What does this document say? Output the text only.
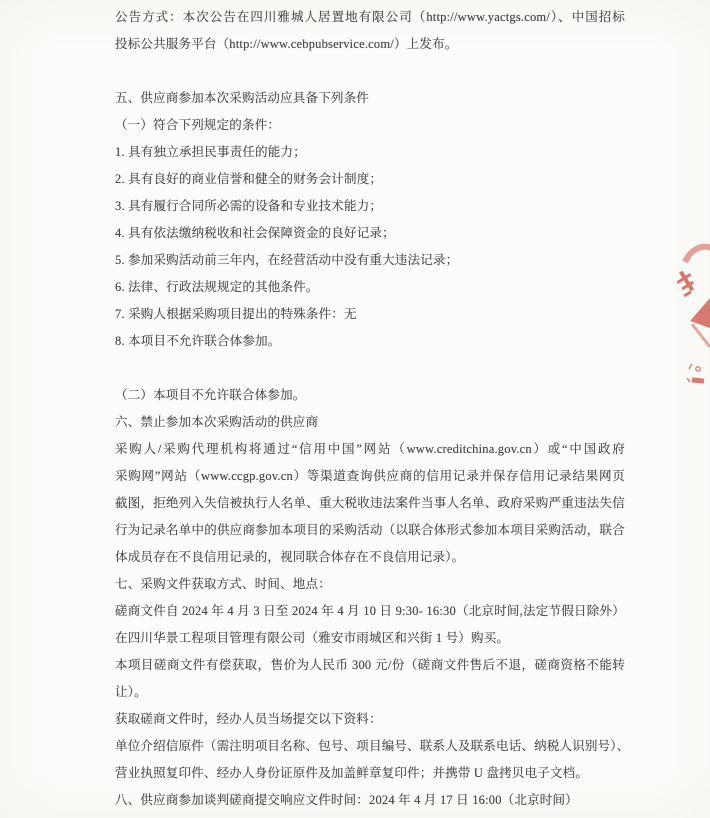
公告方式：本次公告在四川雅城人居置地有限公司（http://www.yactgs.com/）、中国招标
投标公共服务平台（http://www.cebpubservice.com/）上发布。
五、供应商参加本次采购活动应具备下列条件
（一）符合下列规定的条件：
1. 具有独立承担民事责任的能力；
2. 具有良好的商业信誉和健全的财务会计制度；
3. 具有履行合同所必需的设备和专业技术能力；
4. 具有依法缴纳税收和社会保障资金的良好记录；
5. 参加采购活动前三年内，在经营活动中没有重大违法记录；
6. 法律、行政法规规定的其他条件。
7. 采购人根据采购项目提出的特殊条件：无
8. 本项目不允许联合体参加。
（二）本项目不允许联合体参加。
六、禁止参加本次采购活动的供应商
采购人/采购代理机构将通过“信用中国”网站（www.creditchina.gov.cn）或“中国政府
采购网”网站（www.ccgp.gov.cn）等渠道查询供应商的信用记录并保存信用记录结果网页
截图，拒绝列入失信被执行人名单、重大税收违法案件当事人名单、政府采购严重违法失信
行为记录名单中的供应商参加本项目的采购活动（以联合体形式参加本项目采购活动，联合
体成员存在不良信用记录的，视同联合体存在不良信用记录）。
七、采购文件获取方式、时间、地点：
磋商文件自 2024 年 4 月 3 日至 2024 年 4 月 10 日 9:30- 16:30（北京时间,法定节假日除外）
在四川华景工程项目管理有限公司（雅安市雨城区和兴街 1 号）购买。
本项目磋商文件有偿获取，售价为人民币 300 元/份（磋商文件售后不退，磋商资格不能转
让）。
获取磋商文件时，经办人员当场提交以下资料：
单位介绍信原件（需注明项目名称、包号、项目编号、联系人及联系电话、纳税人识别号）、
营业执照复印件、经办人身份证原件及加盖鲜章复印件；并携带 U 盘拷贝电子文档。
八、供应商参加谈判磋商提交响应文件时间：2024 年 4 月 17 日 16:00（北京时间）
